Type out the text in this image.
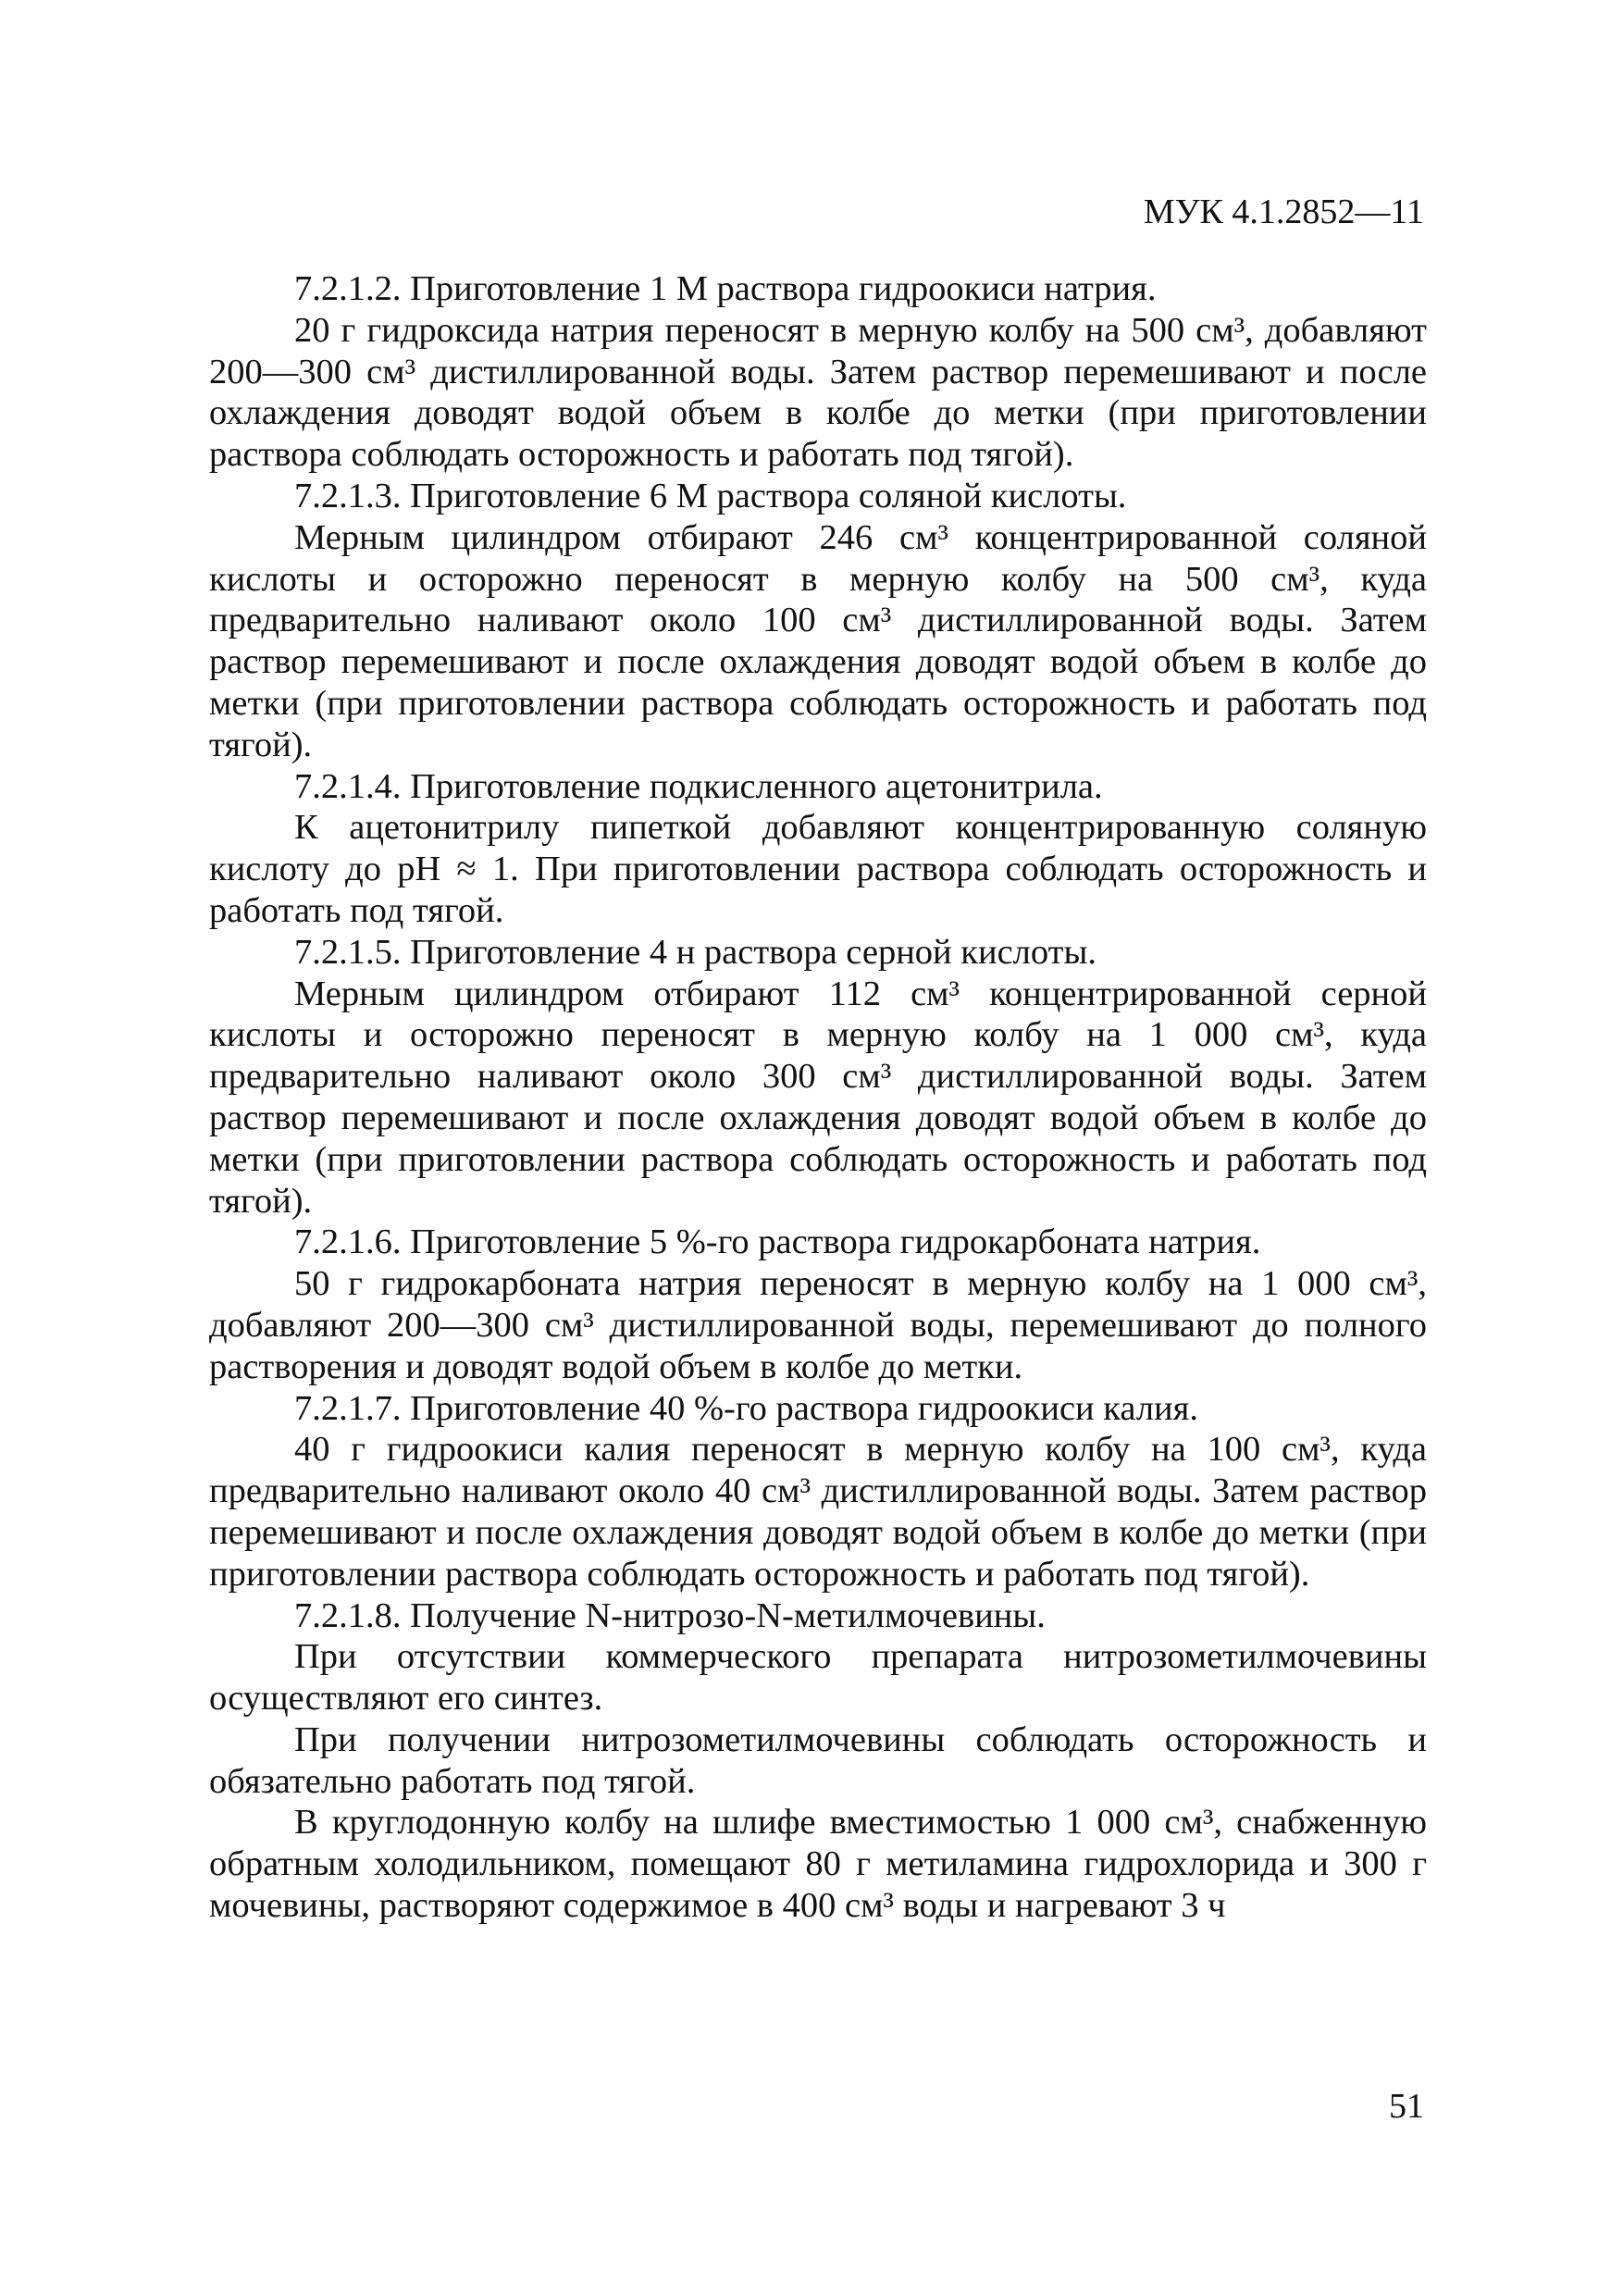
МУК 4.1.2852—11

7.2.1.2. Приготовление 1 М раствора гидроокиси натрия.

20 г гидроксида натрия переносят в мерную колбу на 500 см³, добавляют 200—300 см³ дистиллированной воды. Затем раствор перемешивают и после охлаждения доводят водой объем в колбе до метки (при приготовлении раствора соблюдать осторожность и работать под тягой).

7.2.1.3. Приготовление 6 М раствора соляной кислоты.

Мерным цилиндром отбирают 246 см³ концентрированной соляной кислоты и осторожно переносят в мерную колбу на 500 см³, куда предварительно наливают около 100 см³ дистиллированной воды. Затем раствор перемешивают и после охлаждения доводят водой объем в колбе до метки (при приготовлении раствора соблюдать осторожность и работать под тягой).

7.2.1.4. Приготовление подкисленного ацетонитрила.

К ацетонитрилу пипеткой добавляют концентрированную соляную кислоту до pH ≈ 1. При приготовлении раствора соблюдать осторожность и работать под тягой.

7.2.1.5. Приготовление 4 н раствора серной кислоты.

Мерным цилиндром отбирают 112 см³ концентрированной серной кислоты и осторожно переносят в мерную колбу на 1 000 см³, куда предварительно наливают около 300 см³ дистиллированной воды. Затем раствор перемешивают и после охлаждения доводят водой объем в колбе до метки (при приготовлении раствора соблюдать осторожность и работать под тягой).

7.2.1.6. Приготовление 5 %-го раствора гидрокарбоната натрия.

50 г гидрокарбоната натрия переносят в мерную колбу на 1 000 см³, добавляют 200—300 см³ дистиллированной воды, перемешивают до полного растворения и доводят водой объем в колбе до метки.

7.2.1.7. Приготовление 40 %-го раствора гидроокиси калия.

40 г гидроокиси калия переносят в мерную колбу на 100 см³, куда предварительно наливают около 40 см³ дистиллированной воды. Затем раствор перемешивают и после охлаждения доводят водой объем в колбе до метки (при приготовлении раствора соблюдать осторожность и работать под тягой).

7.2.1.8. Получение N-нитрозо-N-метилмочевины.

При отсутствии коммерческого препарата нитрозометилмочевины осуществляют его синтез.

При получении нитрозометилмочевины соблюдать осторожность и обязательно работать под тягой.

В круглодонную колбу на шлифе вместимостью 1 000 см³, снабженную обратным холодильником, помещают 80 г метиламина гидрохлорида и 300 г мочевины, растворяют содержимое в 400 см³ воды и нагревают 3 ч

51
